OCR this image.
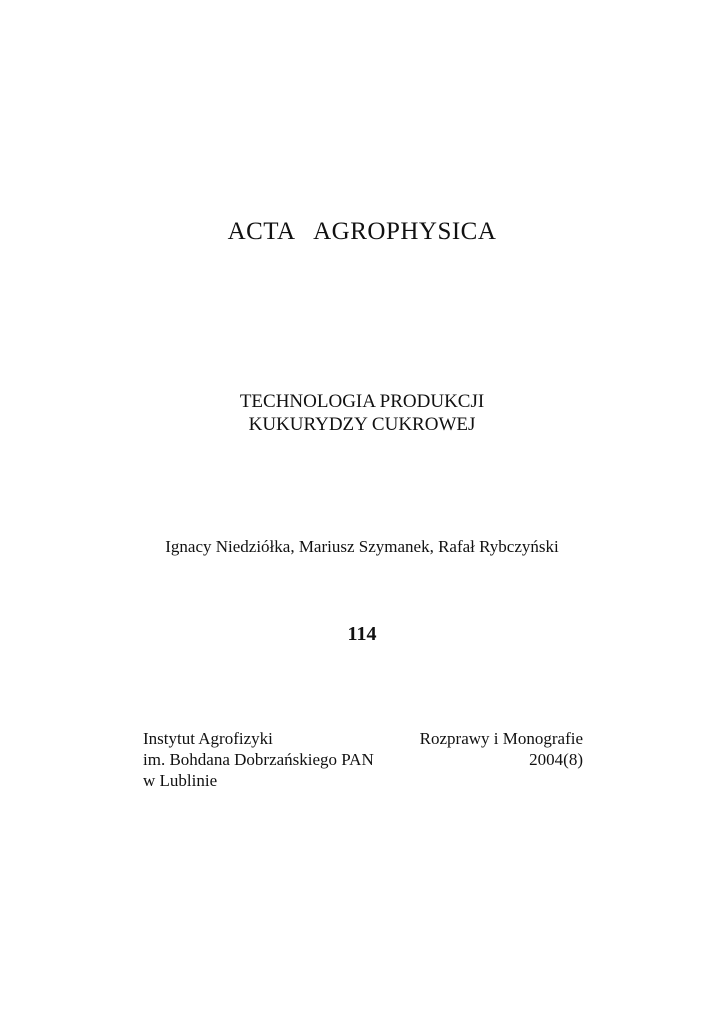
ACTA   AGROPHYSICA
TECHNOLOGIA PRODUKCJI
KUKURYDZY CUKROWEJ
Ignacy Niedziółka, Mariusz Szymanek, Rafał Rybczyński
114
Instytut Agrofizyki
im. Bohdana Dobrzańskiego PAN
w Lublinie
Rozprawy i Monografie
2004(8)
